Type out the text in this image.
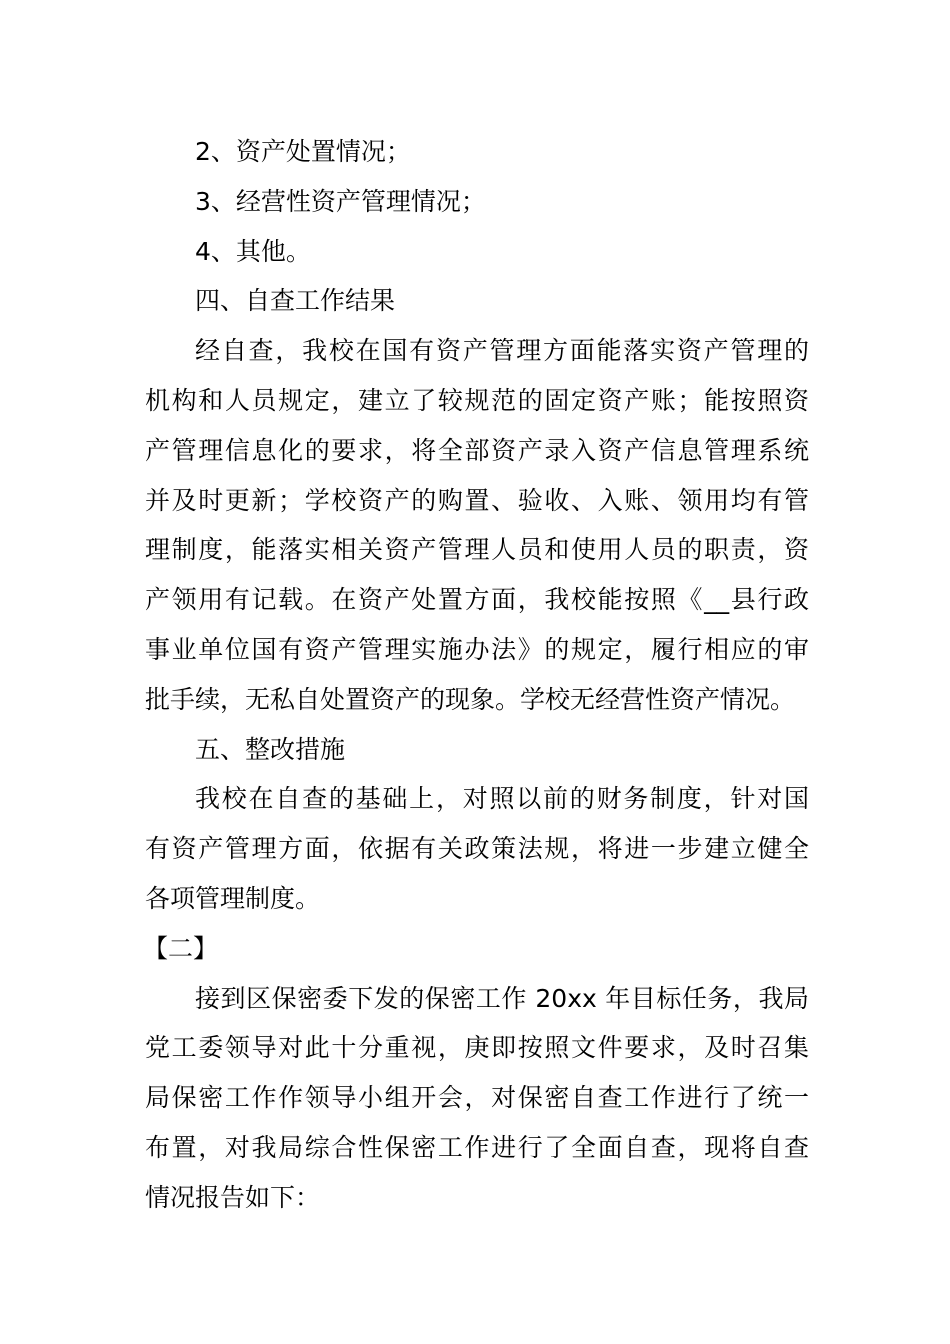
2、资产处置情况；
3、经营性资产管理情况；
4、其他。
四、自查工作结果
经自查，我校在国有资产管理方面能落实资产管理的
机构和人员规定，建立了较规范的固定资产账；能按照资
产管理信息化的要求，将全部资产录入资产信息管理系统
并及时更新；学校资产的购置、验收、入账、领用均有管
理制度，能落实相关资产管理人员和使用人员的职责，资
产领用有记载。在资产处置方面，我校能按照《__县行政
事业单位国有资产管理实施办法》的规定，履行相应的审
批手续，无私自处置资产的现象。学校无经营性资产情况。
五、整改措施
我校在自查的基础上，对照以前的财务制度，针对国
有资产管理方面，依据有关政策法规，将进一步建立健全
各项管理制度。
【二】
接到区保密委下发的保密工作 20xx 年目标任务，我局
党工委领导对此十分重视，庚即按照文件要求，及时召集
局保密工作作领导小组开会，对保密自查工作进行了统一
布置，对我局综合性保密工作进行了全面自查，现将自查
情况报告如下：
